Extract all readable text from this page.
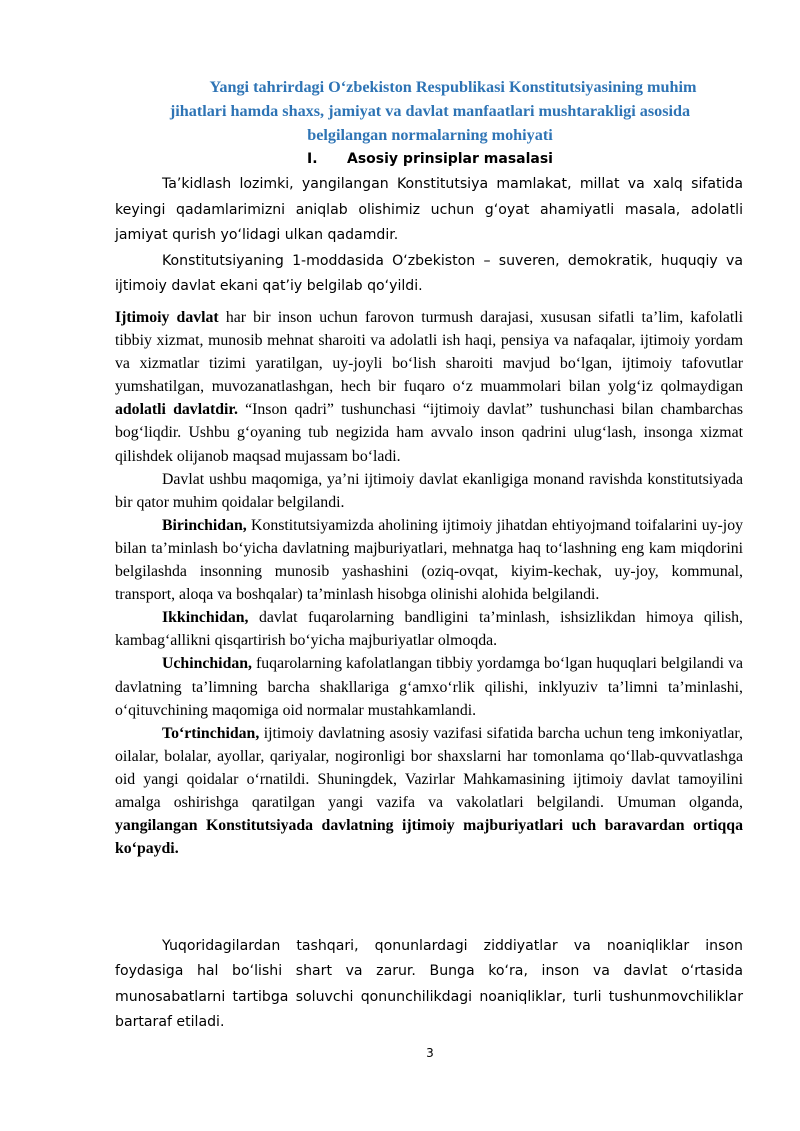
Yangi tahrirdagi O‘zbekiston Respublikasi Konstitutsiyasining muhim
jihatlari hamda shaxs, jamiyat va davlat manfaatlari mushtarakligi asosida
belgilangan normalarning mohiyati
I. Asosiy prinsiplar masalasi

Ta’kidlash lozimki, yangilangan Konstitutsiya mamlakat, millat va xalq sifatida keyingi qadamlarimizni aniqlab olishimiz uchun g‘oyat ahamiyatli masala, adolatli jamiyat qurish yo‘lidagi ulkan qadamdir.

Konstitutsiyaning 1-moddasida O‘zbekiston – suveren, demokratik, huquqiy va ijtimoiy davlat ekani qat’iy belgilab qo‘yildi.

Ijtimoiy davlat har bir inson uchun farovon turmush darajasi, xususan sifatli ta’lim, kafolatli tibbiy xizmat, munosib mehnat sharoiti va adolatli ish haqi, pensiya va nafaqalar, ijtimoiy yordam va xizmatlar tizimi yaratilgan, uy-joyli bo‘lish sharoiti mavjud bo‘lgan, ijtimoiy tafovutlar yumshatilgan, muvozanatlashgan, hech bir fuqaro o‘z muammolari bilan yolg‘iz qolmaydigan adolatli davlatdir. “Inson qadri” tushunchasi “ijtimoiy davlat” tushunchasi bilan chambarchas bog‘liqdir. Ushbu g‘oyaning tub negizida ham avvalo inson qadrini ulug‘lash, insonga xizmat qilishdek olijanob maqsad mujassam bo‘ladi.

Davlat ushbu maqomiga, ya’ni ijtimoiy davlat ekanligiga monand ravishda konstitutsiyada bir qator muhim qoidalar belgilandi.

Birinchidan, Konstitutsiyamizda aholining ijtimoiy jihatdan ehtiyojmand toifalarini uy-joy bilan ta’minlash bo‘yicha davlatning majburiyatlari, mehnatga haq to‘lashning eng kam miqdorini belgilashda insonning munosib yashashini (oziq-ovqat, kiyim-kechak, uy-joy, kommunal, transport, aloqa va boshqalar) ta’minlash hisobga olinishi alohida belgilandi.

Ikkinchidan, davlat fuqarolarning bandligini ta’minlash, ishsizlikdan himoya qilish, kambag‘allikni qisqartirish bo‘yicha majburiyatlar olmoqda.

Uchinchidan, fuqarolarning kafolatlangan tibbiy yordamga bo‘lgan huquqlari belgilandi va davlatning ta’limning barcha shakllariga g‘amxo‘rlik qilishi, inklyuziv ta’limni ta’minlashi, o‘qituvchining maqomiga oid normalar mustahkamlandi.

To‘rtinchidan, ijtimoiy davlatning asosiy vazifasi sifatida barcha uchun teng imkoniyatlar, oilalar, bolalar, ayollar, qariyalar, nogironligi bor shaxslarni har tomonlama qo‘llab-quvvatlashga oid yangi qoidalar o‘rnatildi. Shuningdek, Vazirlar Mahkamasining ijtimoiy davlat tamoyilini amalga oshirishga qaratilgan yangi vazifa va vakolatlari belgilandi. Umuman olganda, yangilangan Konstitutsiyada davlatning ijtimoiy majburiyatlari uch baravardan ortiqqa ko‘paydi.

Yuqoridagilardan tashqari, qonunlardagi ziddiyatlar va noaniqliklar inson foydasiga hal bo‘lishi shart va zarur. Bunga ko‘ra, inson va davlat o‘rtasida munosabatlarni tartibga soluvchi qonunchilikdagi noaniqliklar, turli tushunmovchiliklar bartaraf etiladi.

3
